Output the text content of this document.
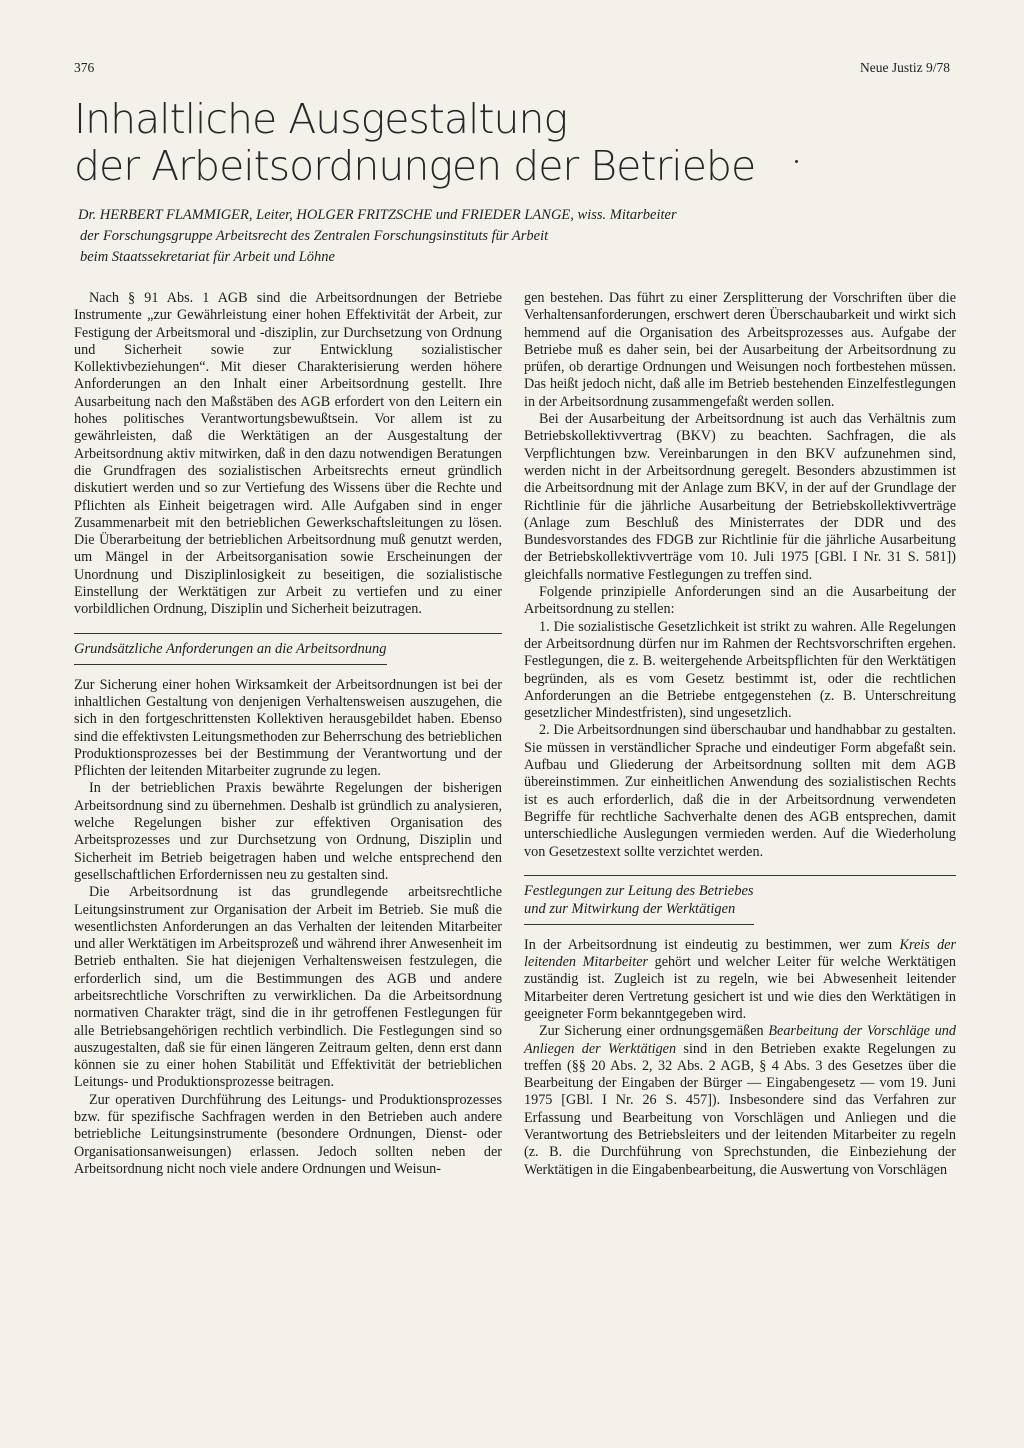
376	Neue Justiz 9/78
Inhaltliche Ausgestaltung
der Arbeitsordnungen der Betriebe
Dr. HERBERT FLAMMIGER, Leiter, HOLGER FRITZSCHE und FRIEDER LANGE, wiss. Mitarbeiter
der Forschungsgruppe Arbeitsrecht des Zentralen Forschungsinstituts für Arbeit
beim Staatssekretariat für Arbeit und Löhne

Nach § 91 Abs. 1 AGB sind die Arbeitsordnungen der Betriebe Instrumente „zur Gewährleistung einer hohen Effektivität der Arbeit, zur Festigung der Arbeitsmoral und -disziplin, zur Durchsetzung von Ordnung und Sicherheit sowie zur Entwicklung sozialistischer Kollektivbeziehungen“. Mit dieser Charakterisierung werden höhere Anforderungen an den Inhalt einer Arbeitsordnung gestellt. Ihre Ausarbeitung nach den Maßstäben des AGB erfordert von den Leitern ein hohes politisches Verantwortungsbewußtsein. Vor allem ist zu gewährleisten, daß die Werktätigen an der Ausgestaltung der Arbeitsordnung aktiv mitwirken, daß in den dazu notwendigen Beratungen die Grundfragen des sozialistischen Arbeitsrechts erneut gründlich diskutiert werden und so zur Vertiefung des Wissens über die Rechte und Pflichten als Einheit beigetragen wird. Alle Aufgaben sind in enger Zusammenarbeit mit den betrieblichen Gewerkschaftsleitungen zu lösen. Die Überarbeitung der betrieblichen Arbeitsordnung muß genutzt werden, um Mängel in der Arbeitsorganisation sowie Erscheinungen der Unordnung und Disziplinlosigkeit zu beseitigen, die sozialistische Einstellung der Werktätigen zur Arbeit zu vertiefen und zu einer vorbildlichen Ordnung, Disziplin und Sicherheit beizutragen.

Grundsätzliche Anforderungen an die Arbeitsordnung

Zur Sicherung einer hohen Wirksamkeit der Arbeitsordnungen ist bei der inhaltlichen Gestaltung von denjenigen Verhaltensweisen auszugehen, die sich in den fortgeschrittensten Kollektiven herausgebildet haben. Ebenso sind die effektivsten Leitungsmethoden zur Beherrschung des betrieblichen Produktionsprozesses bei der Bestimmung der Verantwortung und der Pflichten der leitenden Mitarbeiter zugrunde zu legen.

In der betrieblichen Praxis bewährte Regelungen der bisherigen Arbeitsordnung sind zu übernehmen. Deshalb ist gründlich zu analysieren, welche Regelungen bisher zur effektiven Organisation des Arbeitsprozesses und zur Durchsetzung von Ordnung, Disziplin und Sicherheit im Betrieb beigetragen haben und welche entsprechend den gesellschaftlichen Erfordernissen neu zu gestalten sind.

Die Arbeitsordnung ist das grundlegende arbeitsrechtliche Leitungsinstrument zur Organisation der Arbeit im Betrieb. Sie muß die wesentlichsten Anforderungen an das Verhalten der leitenden Mitarbeiter und aller Werktätigen im Arbeitsprozeß und während ihrer Anwesenheit im Betrieb enthalten. Sie hat diejenigen Verhaltensweisen festzulegen, die erforderlich sind, um die Bestimmungen des AGB und andere arbeitsrechtliche Vorschriften zu verwirklichen. Da die Arbeitsordnung normativen Charakter trägt, sind die in ihr getroffenen Festlegungen für alle Betriebsangehörigen rechtlich verbindlich. Die Festlegungen sind so auszugestalten, daß sie für einen längeren Zeitraum gelten, denn erst dann können sie zu einer hohen Stabilität und Effektivität der betrieblichen Leitungs- und Produktionsprozesse beitragen.

Zur operativen Durchführung des Leitungs- und Produktionsprozesses bzw. für spezifische Sachfragen werden in den Betrieben auch andere betriebliche Leitungsinstrumente (besondere Ordnungen, Dienst- oder Organisationsanweisungen) erlassen. Jedoch sollten neben der Arbeitsordnung nicht noch viele andere Ordnungen und Weisun-

gen bestehen. Das führt zu einer Zersplitterung der Vorschriften über die Verhaltensanforderungen, erschwert deren Überschaubarkeit und wirkt sich hemmend auf die Organisation des Arbeitsprozesses aus. Aufgabe der Betriebe muß es daher sein, bei der Ausarbeitung der Arbeitsordnung zu prüfen, ob derartige Ordnungen und Weisungen noch fortbestehen müssen. Das heißt jedoch nicht, daß alle im Betrieb bestehenden Einzelfestlegungen in der Arbeitsordnung zusammengefaßt werden sollen.

Bei der Ausarbeitung der Arbeitsordnung ist auch das Verhältnis zum Betriebskollektivvertrag (BKV) zu beachten. Sachfragen, die als Verpflichtungen bzw. Vereinbarungen in den BKV aufzunehmen sind, werden nicht in der Arbeitsordnung geregelt. Besonders abzustimmen ist die Arbeitsordnung mit der Anlage zum BKV, in der auf der Grundlage der Richtlinie für die jährliche Ausarbeitung der Betriebskollektivverträge (Anlage zum Beschluß des Ministerrates der DDR und des Bundesvorstandes des FDGB zur Richtlinie für die jährliche Ausarbeitung der Betriebskollektivverträge vom 10. Juli 1975 [GBl. I Nr. 31 S. 581]) gleichfalls normative Festlegungen zu treffen sind.

Folgende prinzipielle Anforderungen sind an die Ausarbeitung der Arbeitsordnung zu stellen:

1. Die sozialistische Gesetzlichkeit ist strikt zu wahren. Alle Regelungen der Arbeitsordnung dürfen nur im Rahmen der Rechtsvorschriften ergehen. Festlegungen, die z. B. weitergehende Arbeitspflichten für den Werktätigen begründen, als es vom Gesetz bestimmt ist, oder die rechtlichen Anforderungen an die Betriebe entgegenstehen (z. B. Unterschreitung gesetzlicher Mindestfristen), sind ungesetzlich.

2. Die Arbeitsordnungen sind überschaubar und handhabbar zu gestalten. Sie müssen in verständlicher Sprache und eindeutiger Form abgefaßt sein. Aufbau und Gliederung der Arbeitsordnung sollten mit dem AGB übereinstimmen. Zur einheitlichen Anwendung des sozialistischen Rechts ist es auch erforderlich, daß die in der Arbeitsordnung verwendeten Begriffe für rechtliche Sachverhalte denen des AGB entsprechen, damit unterschiedliche Auslegungen vermieden werden. Auf die Wiederholung von Gesetzestext sollte verzichtet werden.

Festlegungen zur Leitung des Betriebes
und zur Mitwirkung der Werktätigen

In der Arbeitsordnung ist eindeutig zu bestimmen, wer zum Kreis der leitenden Mitarbeiter gehört und welcher Leiter für welche Werktätigen zuständig ist. Zugleich ist zu regeln, wie bei Abwesenheit leitender Mitarbeiter deren Vertretung gesichert ist und wie dies den Werktätigen in geeigneter Form bekanntgegeben wird.

Zur Sicherung einer ordnungsgemäßen Bearbeitung der Vorschläge und Anliegen der Werktätigen sind in den Betrieben exakte Regelungen zu treffen (§§ 20 Abs. 2, 32 Abs. 2 AGB, § 4 Abs. 3 des Gesetzes über die Bearbeitung der Eingaben der Bürger — Eingabengesetz — vom 19. Juni 1975 [GBl. I Nr. 26 S. 457]). Insbesondere sind das Verfahren zur Erfassung und Bearbeitung von Vorschlägen und Anliegen und die Verantwortung des Betriebsleiters und der leitenden Mitarbeiter zu regeln (z. B. die Durchführung von Sprechstunden, die Einbeziehung der Werktätigen in die Eingabenbearbeitung, die Auswertung von Vorschlägen
